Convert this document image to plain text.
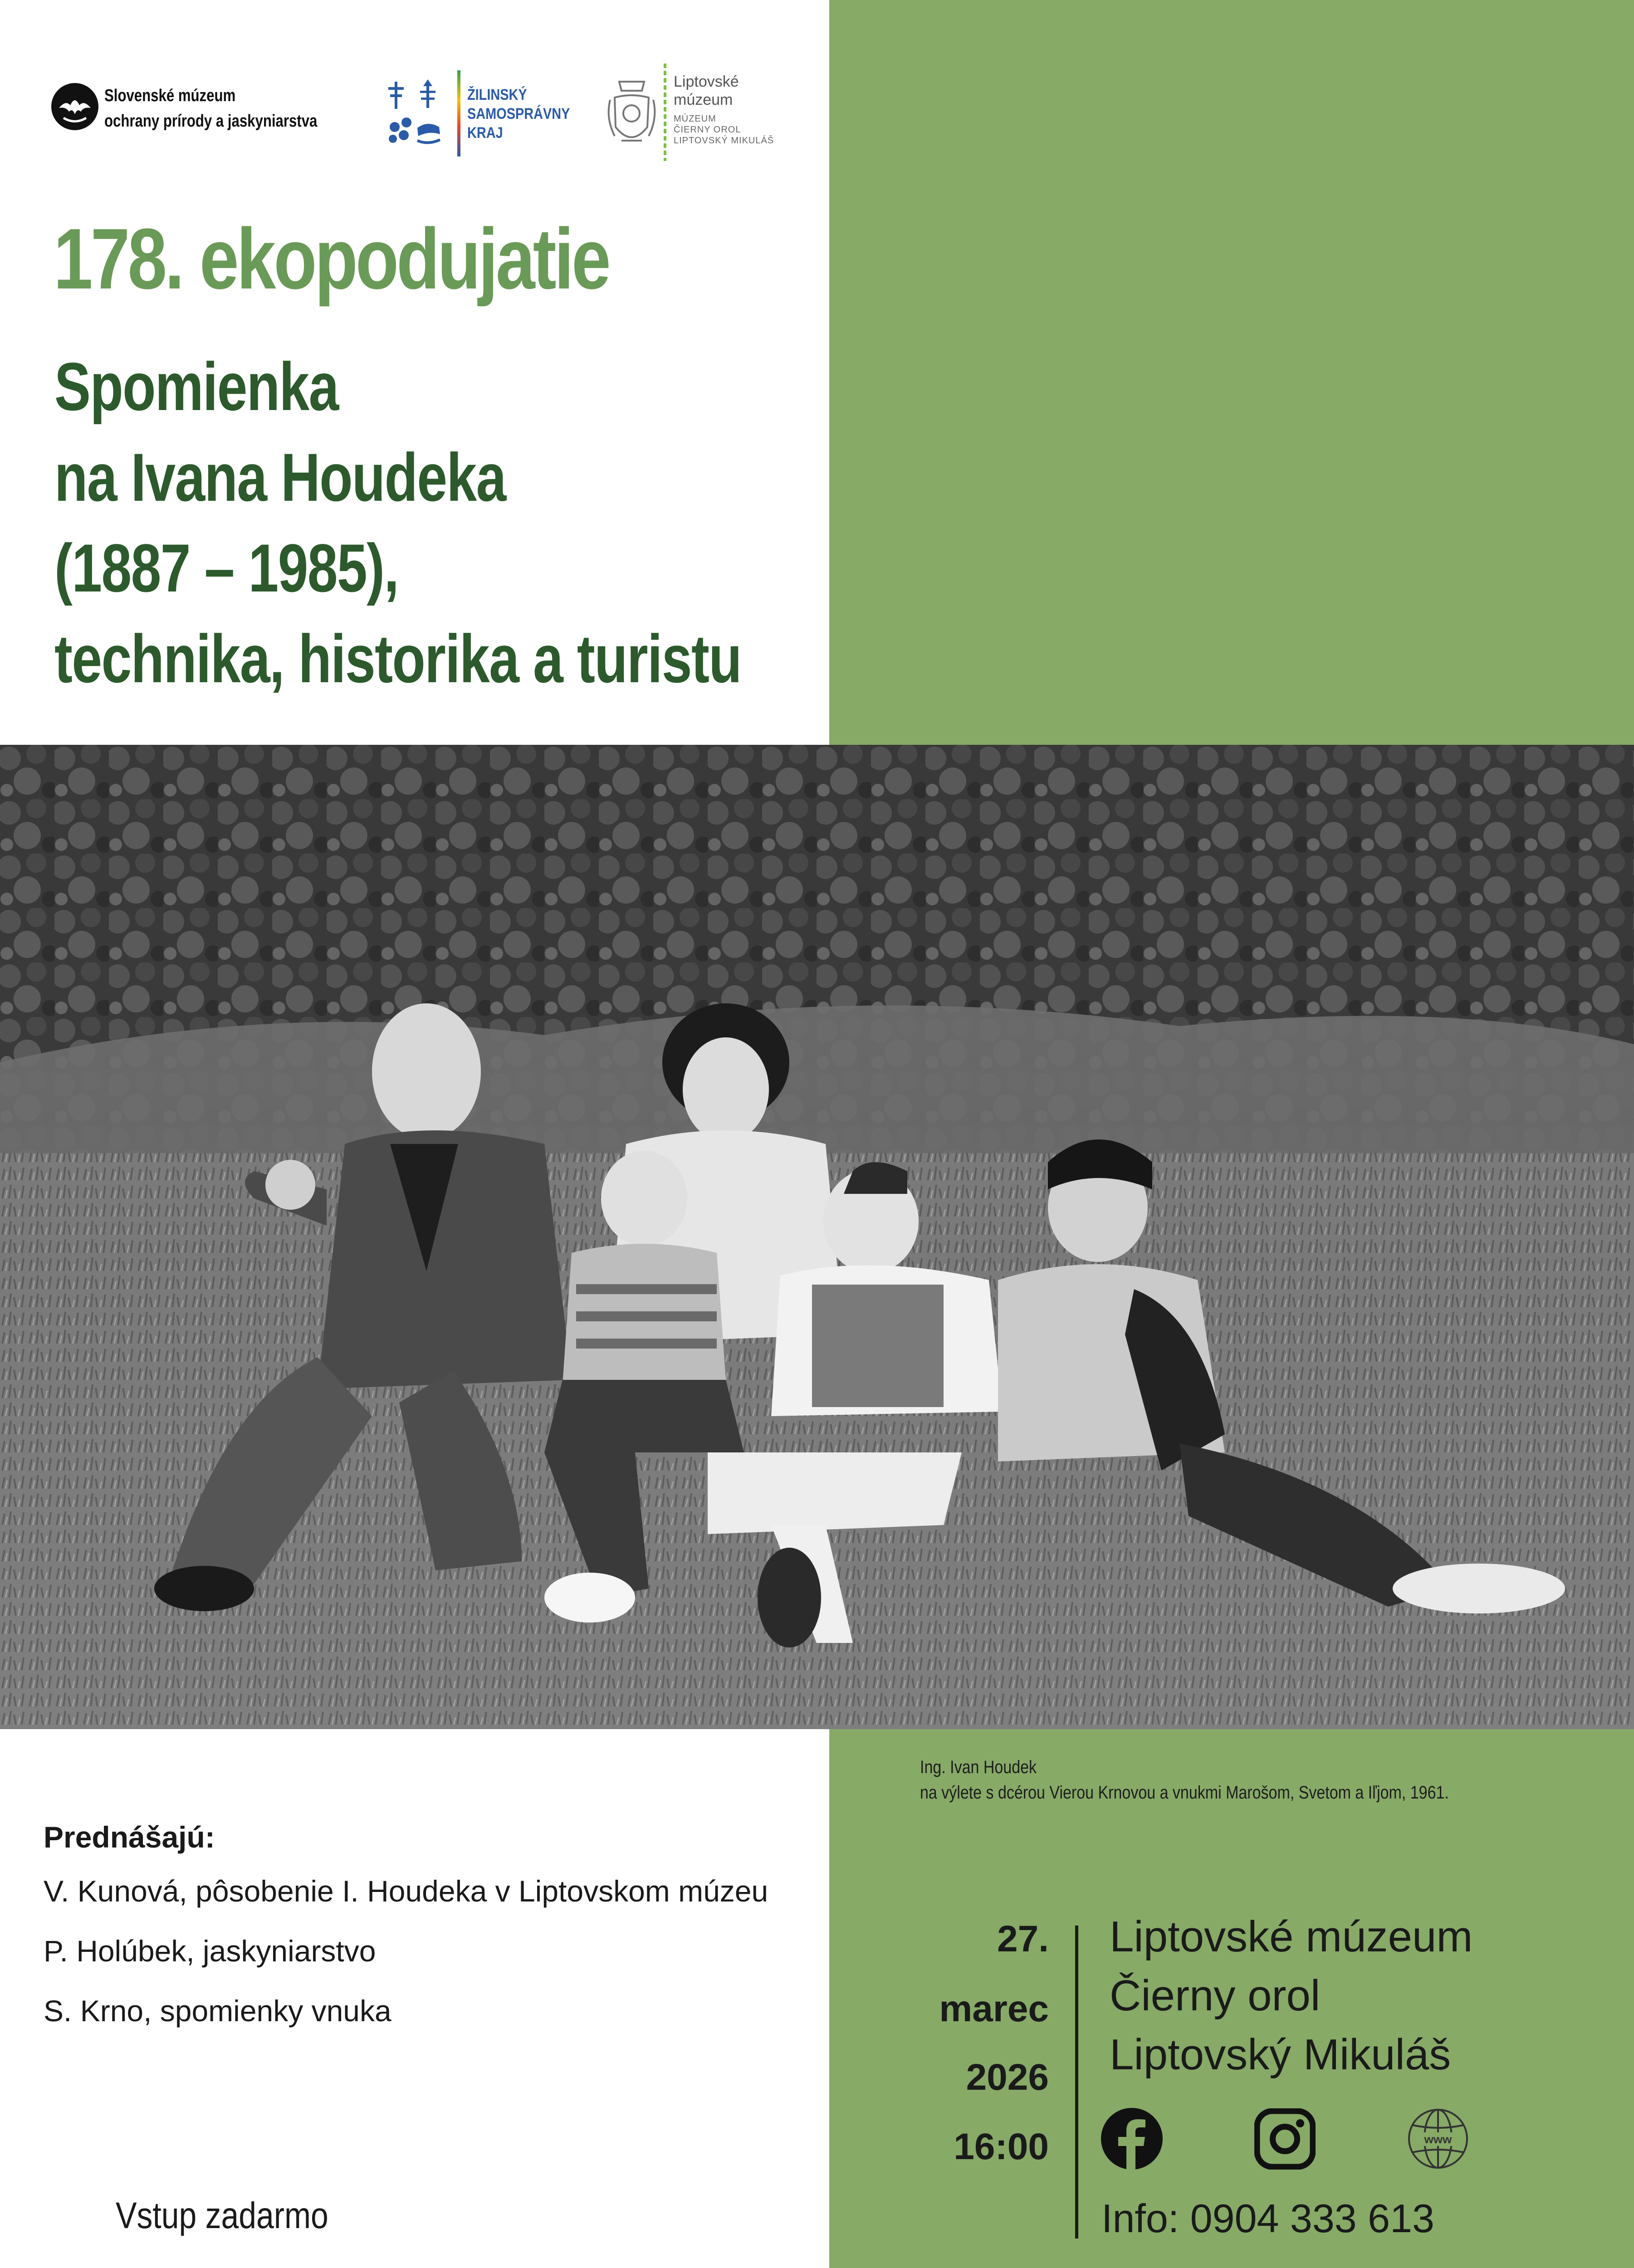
Slovenské múzeum
ochrany prírody a jaskyniarstva
ŽILINSKÝ
SAMOSPRÁVNY
KRAJ
Liptovské
múzeum
MÚZEUM
ČIERNY OROL
LIPTOVSKÝ MIKULÁŠ
178. ekopodujatie
Spomienka
na Ivana Houdeka
(1887 – 1985),
technika, historika a turistu
Ing. Ivan Houdek
na výlete s dcérou Vierou Krnovou a vnukmi Marošom, Svetom a Iľjom, 1961.
Prednášajú:
V. Kunová, pôsobenie I. Houdeka v Liptovskom múzeu
P. Holúbek, jaskyniarstvo
S. Krno, spomienky vnuka
Vstup zadarmo
27.
marec
2026
16:00
Liptovské múzeum
Čierny orol
Liptovský Mikuláš
www
Info: 0904 333 613
